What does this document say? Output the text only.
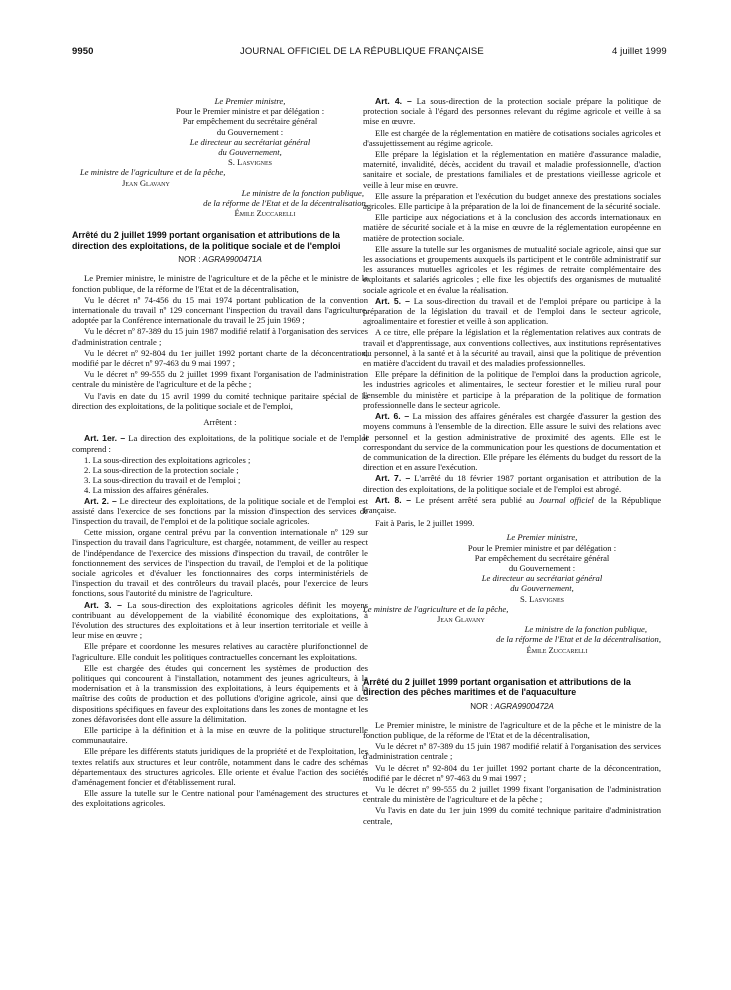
9950	JOURNAL OFFICIEL DE LA RÉPUBLIQUE FRANÇAISE	4 juillet 1999
Le Premier ministre,
Pour le Premier ministre et par délégation :
Par empêchement du secrétaire général
du Gouvernement :
Le directeur au secrétariat général
du Gouvernement,
S. Lasvignes
Le ministre de l'agriculture et de la pêche,
Jean Glavany
Le ministre de la fonction publique,
de la réforme de l'Etat et de la décentralisation,
Émile Zuccarelli
Arrêté du 2 juillet 1999 portant organisation et attributions de la direction des exploitations, de la politique sociale et de l'emploi
NOR : AGRA9900471A

Le Premier ministre, le ministre de l'agriculture et de la pêche et le ministre de la fonction publique, de la réforme de l'Etat et de la décentralisation,

Vu le décret nº 74-456 du 15 mai 1974 portant publication de la convention internationale du travail nº 129 concernant l'inspection du travail dans l'agriculture, adoptée par la Conférence internationale du travail le 25 juin 1969 ;

Vu le décret nº 87-389 du 15 juin 1987 modifié relatif à l'organisation des services d'administration centrale ;

Vu le décret nº 92-804 du 1er juillet 1992 portant charte de la déconcentration, modifié par le décret nº 97-463 du 9 mai 1997 ;

Vu le décret nº 99-555 du 2 juillet 1999 fixant l'organisation de l'administration centrale du ministère de l'agriculture et de la pêche ;

Vu l'avis en date du 15 avril 1999 du comité technique paritaire spécial de la direction des exploitations, de la politique sociale et de l'emploi,

Arrêtent :

Art. 1er. – La direction des exploitations, de la politique sociale et de l'emploi comprend :

1. La sous-direction des exploitations agricoles ;
2. La sous-direction de la protection sociale ;
3. La sous-direction du travail et de l'emploi ;
4. La mission des affaires générales.

Art. 2. – Le directeur des exploitations, de la politique sociale et de l'emploi est assisté dans l'exercice de ses fonctions par la mission d'inspection des services de l'inspection du travail, de l'emploi et de la politique sociale agricoles.

Cette mission, organe central prévu par la convention internationale nº 129 sur l'inspection du travail dans l'agriculture, est chargée, notamment, de veiller au respect de l'indépendance de l'exercice des missions d'inspection du travail, de contrôler le fonctionnement des services de l'inspection du travail, de l'emploi et de la politique sociale agricoles et d'évaluer les fonctionnaires des corps interministériels de l'inspection du travail et des contrôleurs du travail placés, pour l'exercice de leurs fonctions, sous l'autorité du ministre de l'agriculture.

Art. 3. – La sous-direction des exploitations agricoles définit les moyens contribuant au développement de la viabilité économique des exploitations, à l'évolution des structures des exploitations et à leur insertion territoriale et veille à leur mise en œuvre ;

Elle prépare et coordonne les mesures relatives au caractère plurifonctionnel de l'agriculture. Elle conduit les politiques contractuelles concernant les exploitations.

Elle est chargée des études qui concernent les systèmes de production des politiques qui concourent à l'installation, notamment des jeunes agriculteurs, à la modernisation et à la transmission des exploitations, à leurs équipements et à la maîtrise des coûts de production et des pollutions d'origine agricole, ainsi que des dispositions spécifiques en faveur des exploitations dans les zones de montagne et les zones défavorisées dont elle assure la délimitation.

Elle participe à la définition et à la mise en œuvre de la politique structurelle communautaire.

Elle prépare les différents statuts juridiques de la propriété et de l'exploitation, les textes relatifs aux structures et leur contrôle, notamment dans le cadre des schémas départementaux des structures agricoles. Elle oriente et évalue l'action des sociétés d'aménagement foncier et d'établissement rural.

Elle assure la tutelle sur le Centre national pour l'aménagement des structures et des exploitations agricoles.

Art. 4. – La sous-direction de la protection sociale prépare la politique de protection sociale à l'égard des personnes relevant du régime agricole et veille à sa mise en œuvre.

Elle est chargée de la réglementation en matière de cotisations sociales agricoles et d'assujettissement au régime agricole.

Elle prépare la législation et la réglementation en matière d'assurance maladie, maternité, invalidité, décès, accident du travail et maladie professionnelle, d'action sanitaire et sociale, de prestations familiales et de prestations vieillesse agricole et veille à leur mise en œuvre.

Elle assure la préparation et l'exécution du budget annexe des prestations sociales agricoles. Elle participe à la préparation de la loi de financement de la sécurité sociale.

Elle participe aux négociations et à la conclusion des accords internationaux en matière de sécurité sociale et à la mise en œuvre de la réglementation européenne en matière de protection sociale.

Elle assure la tutelle sur les organismes de mutualité sociale agricole, ainsi que sur les associations et groupements auxquels ils participent et le contrôle administratif sur les assurances mutuelles agricoles et les régimes de retraite complémentaire des exploitants et salariés agricoles ; elle fixe les objectifs des organismes de mutualité sociale agricole et en évalue la réalisation.

Art. 5. – La sous-direction du travail et de l'emploi prépare ou participe à la préparation de la législation du travail et de l'emploi dans le secteur agricole, agroalimentaire et forestier et veille à son application.

A ce titre, elle prépare la législation et la réglementation relatives aux contrats de travail et d'apprentissage, aux conventions collectives, aux institutions représentatives du personnel, à la santé et à la sécurité au travail, ainsi que la politique de prévention en matière d'accident du travail et des maladies professionnelles.

Elle prépare la définition de la politique de l'emploi dans la production agricole, les industries agricoles et alimentaires, le secteur forestier et le milieu rural pour l'ensemble du ministère et participe à la préparation de la politique de formation professionnelle dans le secteur agricole.

Art. 6. – La mission des affaires générales est chargée d'assurer la gestion des moyens communs à l'ensemble de la direction. Elle assure le suivi des relations avec le personnel et la gestion administrative de proximité des agents. Elle est le correspondant du service de la communication pour les questions de documentation et de communication de la direction. Elle prépare les éléments du budget du ressort de la direction et en assure l'exécution.

Art. 7. – L'arrêté du 18 février 1987 portant organisation et attribution de la direction des exploitations, de la politique sociale et de l'emploi est abrogé.

Art. 8. – Le présent arrêté sera publié au Journal officiel de la République française.

Fait à Paris, le 2 juillet 1999.

Le Premier ministre,
Pour le Premier ministre et par délégation :
Par empêchement du secrétaire général
du Gouvernement :
Le directeur au secrétariat général
du Gouvernement,
S. Lasvignes
Le ministre de l'agriculture et de la pêche,
Jean Glavany
Le ministre de la fonction publique,
de la réforme de l'Etat et de la décentralisation,
Émile Zuccarelli
Arrêté du 2 juillet 1999 portant organisation et attributions de la direction des pêches maritimes et de l'aquaculture
NOR : AGRA9900472A

Le Premier ministre, le ministre de l'agriculture et de la pêche et le ministre de la fonction publique, de la réforme de l'Etat et de la décentralisation,

Vu le décret nº 87-389 du 15 juin 1987 modifié relatif à l'organisation des services d'administration centrale ;

Vu le décret nº 92-804 du 1er juillet 1992 portant charte de la déconcentration, modifié par le décret nº 97-463 du 9 mai 1997 ;

Vu le décret nº 99-555 du 2 juillet 1999 fixant l'organisation de l'administration centrale du ministère de l'agriculture et de la pêche ;

Vu l'avis en date du 1er juin 1999 du comité technique paritaire d'administration centrale,
